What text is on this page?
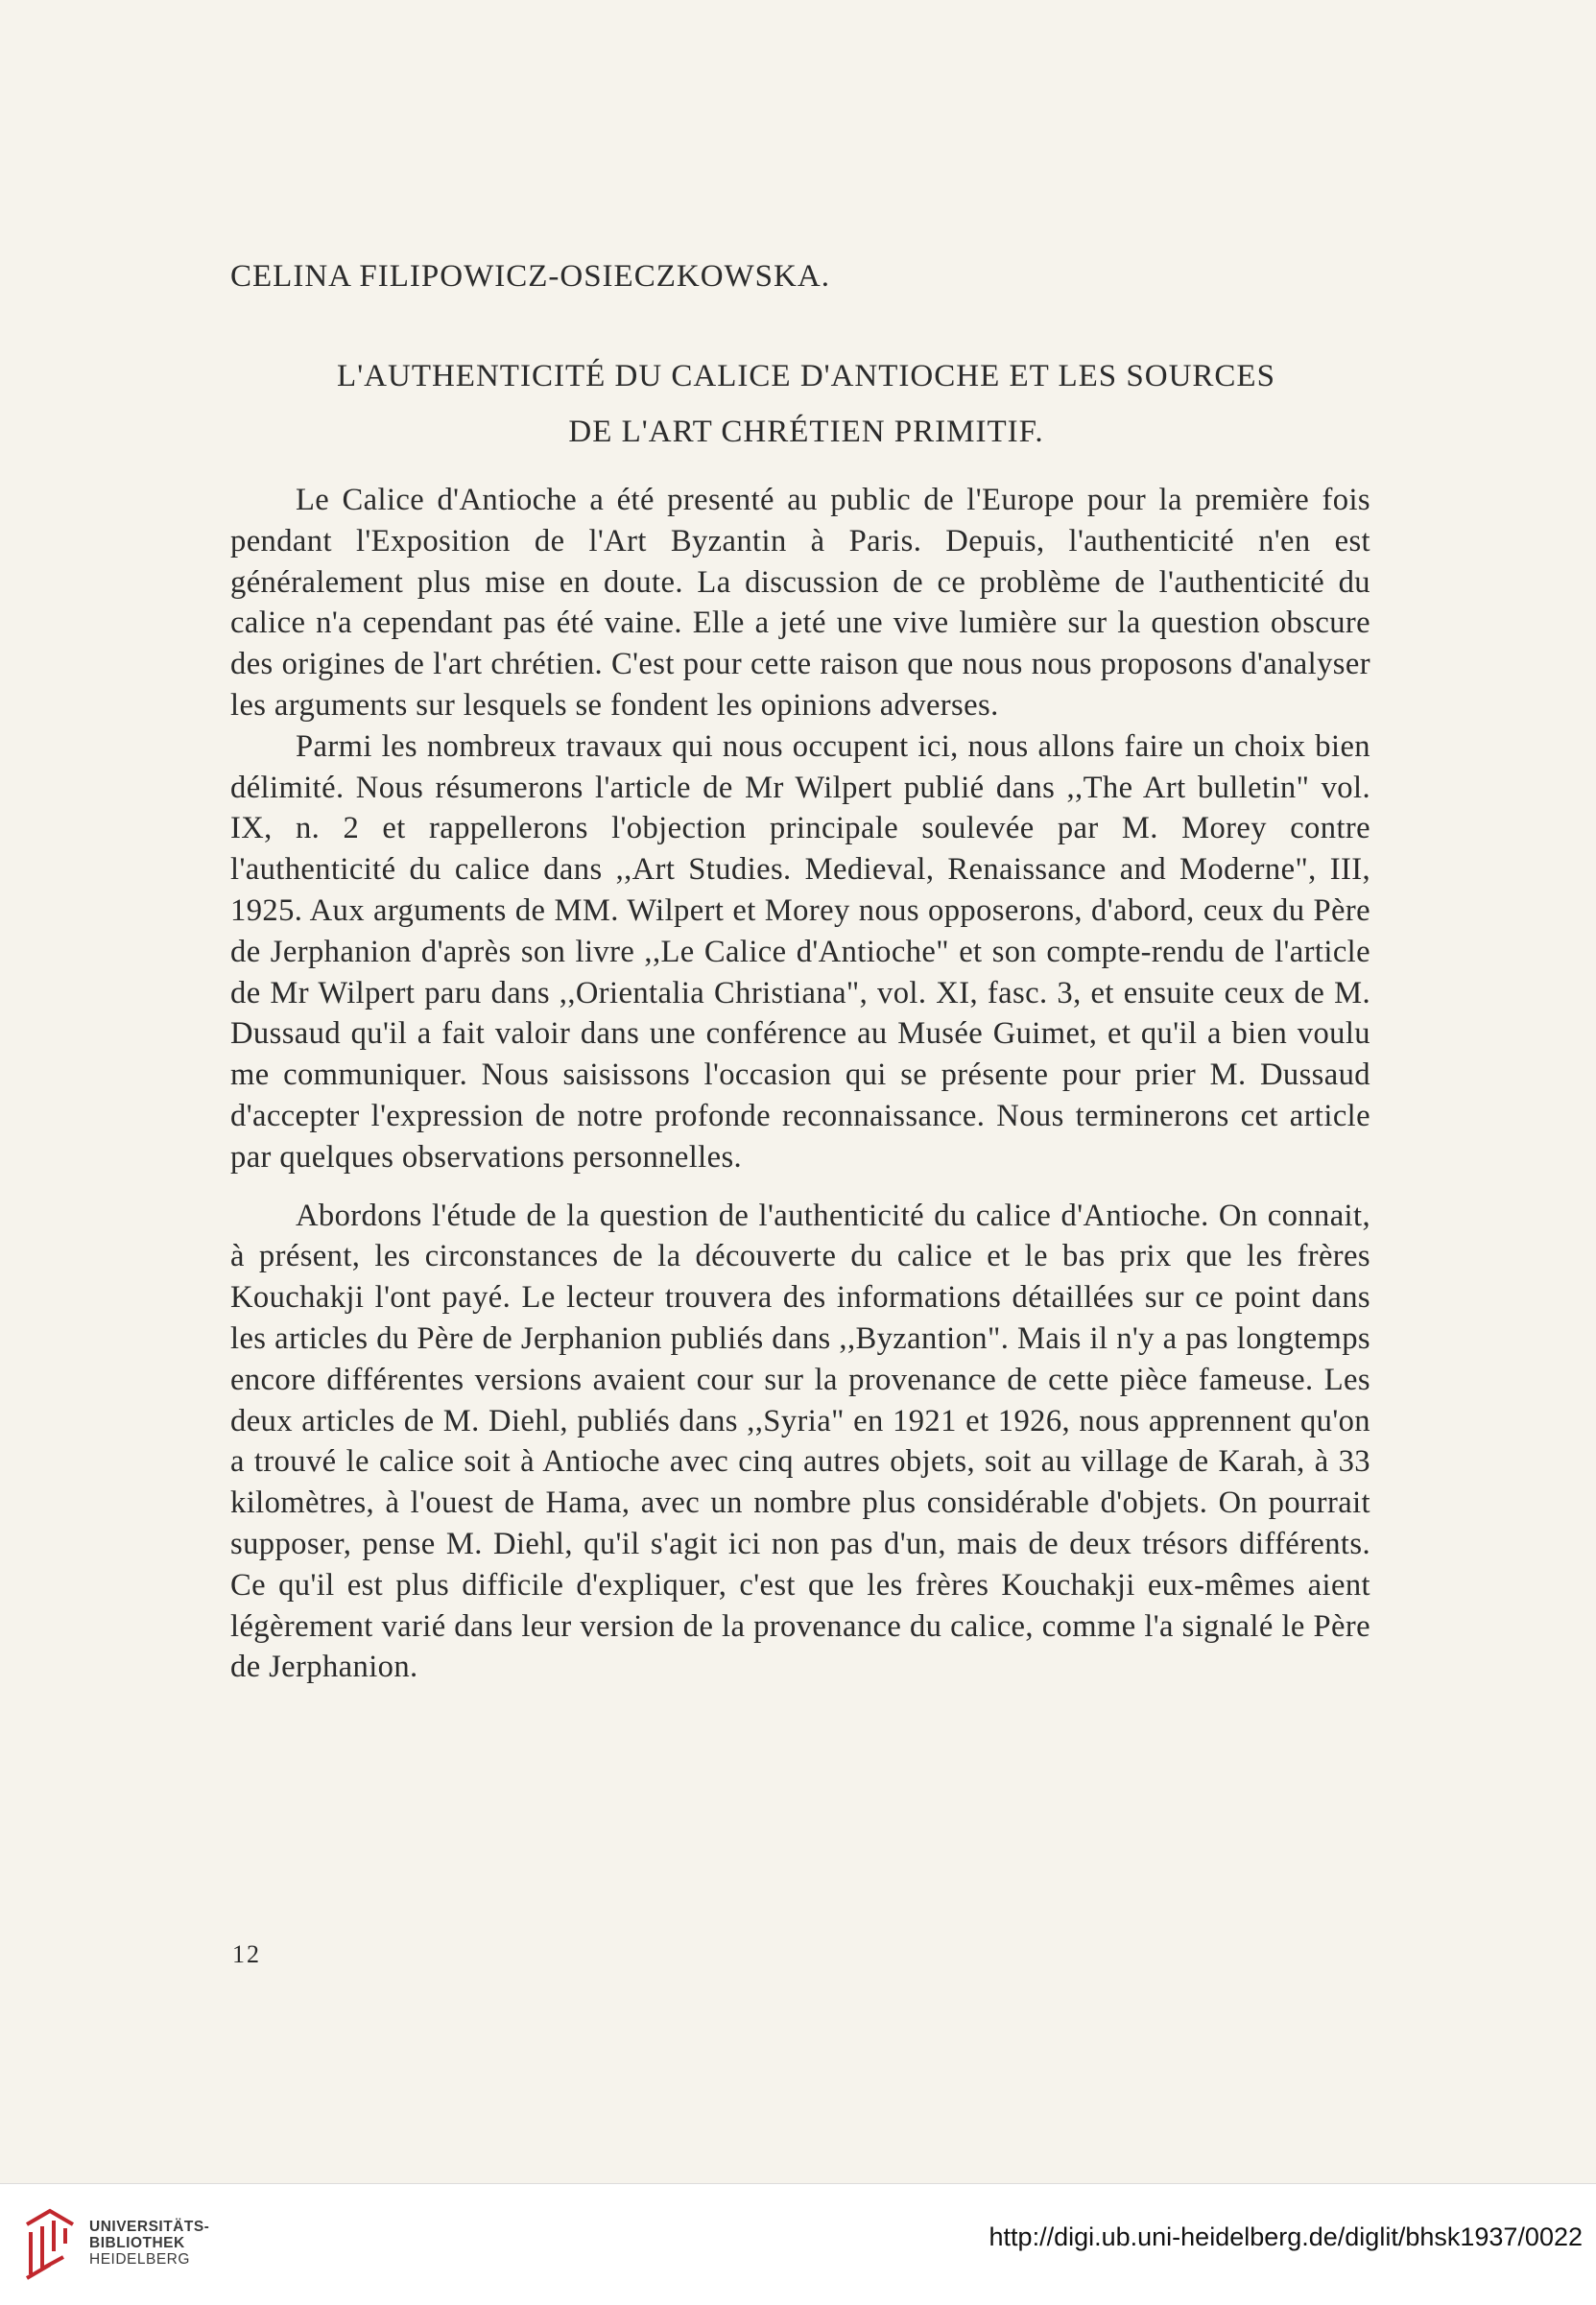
CELINA FILIPOWICZ-OSIECZKOWSKA.
L'AUTHENTICITÉ DU CALICE D'ANTIOCHE ET LES SOURCES
DE L'ART CHRÉTIEN PRIMITIF.

Le Calice d'Antioche a été presenté au public de l'Europe pour la première fois pendant l'Exposition de l'Art Byzantin à Paris. Depuis, l'authenticité n'en est généralement plus mise en doute. La discussion de ce problème de l'authenticité du calice n'a cependant pas été vaine. Elle a jeté une vive lumière sur la question obscure des origines de l'art chrétien. C'est pour cette raison que nous nous proposons d'analyser les arguments sur lesquels se fondent les opinions adverses.

Parmi les nombreux travaux qui nous occupent ici, nous allons faire un choix bien délimité. Nous résumerons l'article de Mr Wilpert publié dans ,,The Art bulletin" vol. IX, n. 2 et rappellerons l'objection principale soulevée par M. Morey contre l'authenticité du calice dans ,,Art Studies. Medieval, Renaissance and Moderne", III, 1925. Aux arguments de MM. Wilpert et Morey nous opposerons, d'abord, ceux du Père de Jerphanion d'après son livre ,,Le Calice d'Antioche" et son compte-rendu de l'article de Mr Wilpert paru dans ,,Orientalia Christiana", vol. XI, fasc. 3, et ensuite ceux de M. Dussaud qu'il a fait valoir dans une conférence au Musée Guimet, et qu'il a bien voulu me communiquer. Nous saisissons l'occasion qui se présente pour prier M. Dussaud d'accepter l'expression de notre profonde reconnaissance. Nous terminerons cet article par quelques observations personnelles.

Abordons l'étude de la question de l'authenticité du calice d'Antioche. On connait, à présent, les circonstances de la découverte du calice et le bas prix que les frères Kouchakji l'ont payé. Le lecteur trouvera des informations détaillées sur ce point dans les articles du Père de Jerphanion publiés dans ,,Byzantion". Mais il n'y a pas longtemps encore différentes versions avaient cour sur la provenance de cette pièce fameuse. Les deux articles de M. Diehl, publiés dans ,,Syria" en 1921 et 1926, nous apprennent qu'on a trouvé le calice soit à Antioche avec cinq autres objets, soit au village de Karah, à 33 kilomètres, à l'ouest de Hama, avec un nombre plus considérable d'objets. On pourrait supposer, pense M. Diehl, qu'il s'agit ici non pas d'un, mais de deux trésors différents. Ce qu'il est plus difficile d'expliquer, c'est que les frères Kouchakji eux-mêmes aient légèrement varié dans leur version de la provenance du calice, comme l'a signalé le Père de Jerphanion.

12
UNIVERSITÄTS-
BIBLIOTHEK
HEIDELBERG
http://digi.ub.uni-heidelberg.de/diglit/bhsk1937/0022
